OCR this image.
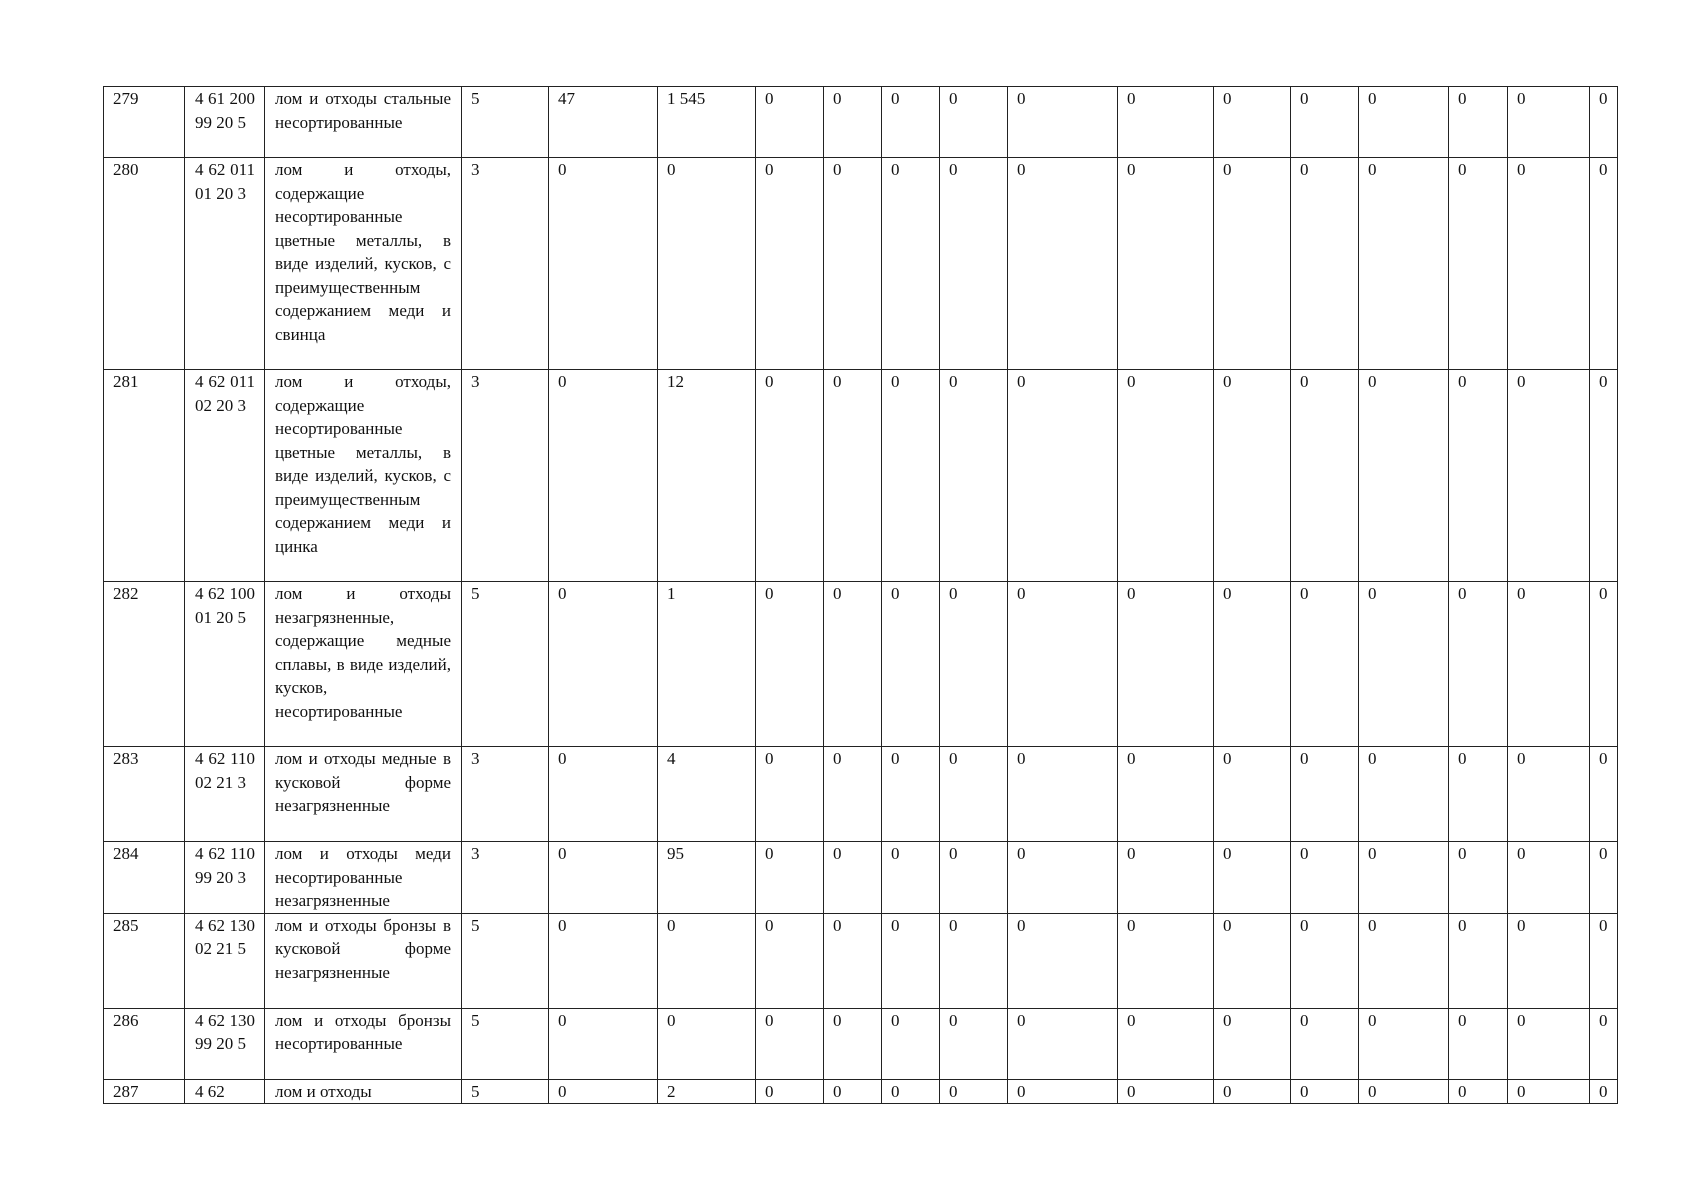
279	4 61 200 99 20 5	лом и отходы стальные несортированные	5	47	1 545	0	0	0	0	0	0	0	0	0	0	0	0
280	4 62 011 01 20 3	лом и отходы, содержащие несортированные цветные металлы, в виде изделий, кусков, с преимущественным содержанием меди и свинца	3	0	0	0	0	0	0	0	0	0	0	0	0	0	0
281	4 62 011 02 20 3	лом и отходы, содержащие несортированные цветные металлы, в виде изделий, кусков, с преимущественным содержанием меди и цинка	3	0	12	0	0	0	0	0	0	0	0	0	0	0	0
282	4 62 100 01 20 5	лом и отходы незагрязненные, содержащие медные сплавы, в виде изделий, кусков, несортированные	5	0	1	0	0	0	0	0	0	0	0	0	0	0	0
283	4 62 110 02 21 3	лом и отходы медные в кусковой форме незагрязненные	3	0	4	0	0	0	0	0	0	0	0	0	0	0	0
284	4 62 110 99 20 3	лом и отходы меди несортированные незагрязненные	3	0	95	0	0	0	0	0	0	0	0	0	0	0	0
285	4 62 130 02 21 5	лом и отходы бронзы в кусковой форме незагрязненные	5	0	0	0	0	0	0	0	0	0	0	0	0	0	0
286	4 62 130 99 20 5	лом и отходы бронзы несортированные	5	0	0	0	0	0	0	0	0	0	0	0	0	0	0
287	4 62	лом и отходы	5	0	2	0	0	0	0	0	0	0	0	0	0	0	0
